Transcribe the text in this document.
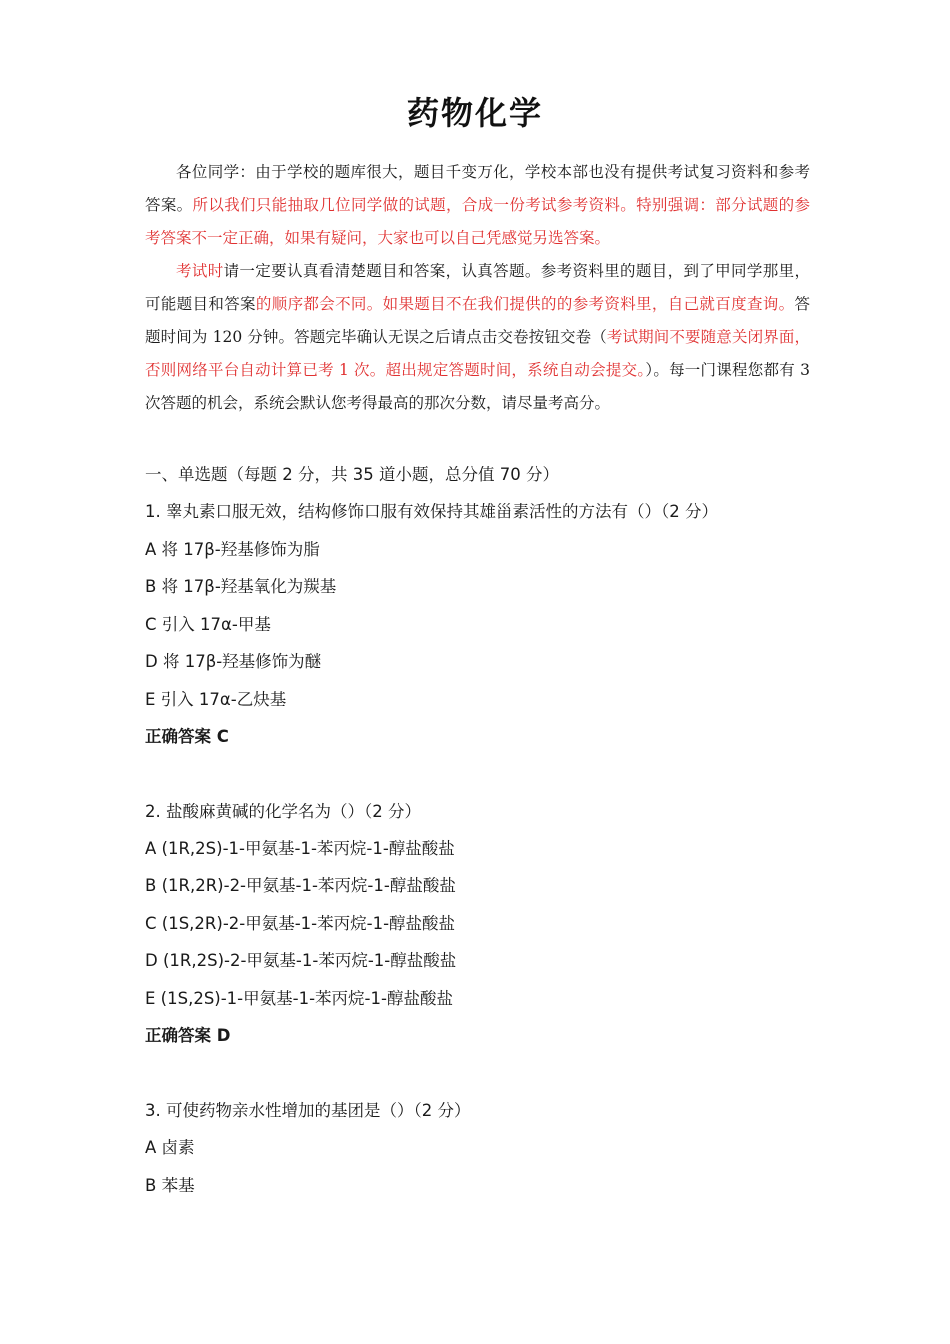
药物化学

各位同学：由于学校的题库很大，题目千变万化，学校本部也没有提供考试复习资料和参考答案。所以我们只能抽取几位同学做的试题，合成一份考试参考资料。特别强调：部分试题的参考答案不一定正确，如果有疑问，大家也可以自己凭感觉另选答案。

考试时请一定要认真看清楚题目和答案，认真答题。参考资料里的题目，到了甲同学那里，可能题目和答案的顺序都会不同。如果题目不在我们提供的的参考资料里，自己就百度查询。答题时间为 120 分钟。答题完毕确认无误之后请点击交卷按钮交卷（考试期间不要随意关闭界面，否则网络平台自动计算已考 1 次。超出规定答题时间，系统自动会提交。）。每一门课程您都有 3 次答题的机会，系统会默认您考得最高的那次分数，请尽量考高分。

一、单选题（每题 2 分，共 35 道小题，总分值 70 分）
1. 睾丸素口服无效，结构修饰口服有效保持其雄甾素活性的方法有（）（2 分）
A 将 17β-羟基修饰为脂
B 将 17β-羟基氧化为羰基
C 引入 17α-甲基
D 将 17β-羟基修饰为醚
E 引入 17α-乙炔基
正确答案 C
2. 盐酸麻黄碱的化学名为（）（2 分）
A (1R,2S)-1-甲氨基-1-苯丙烷-1-醇盐酸盐
B (1R,2R)-2-甲氨基-1-苯丙烷-1-醇盐酸盐
C (1S,2R)-2-甲氨基-1-苯丙烷-1-醇盐酸盐
D (1R,2S)-2-甲氨基-1-苯丙烷-1-醇盐酸盐
E (1S,2S)-1-甲氨基-1-苯丙烷-1-醇盐酸盐
正确答案 D
3. 可使药物亲水性增加的基团是（）（2 分）
A 卤素
B 苯基
